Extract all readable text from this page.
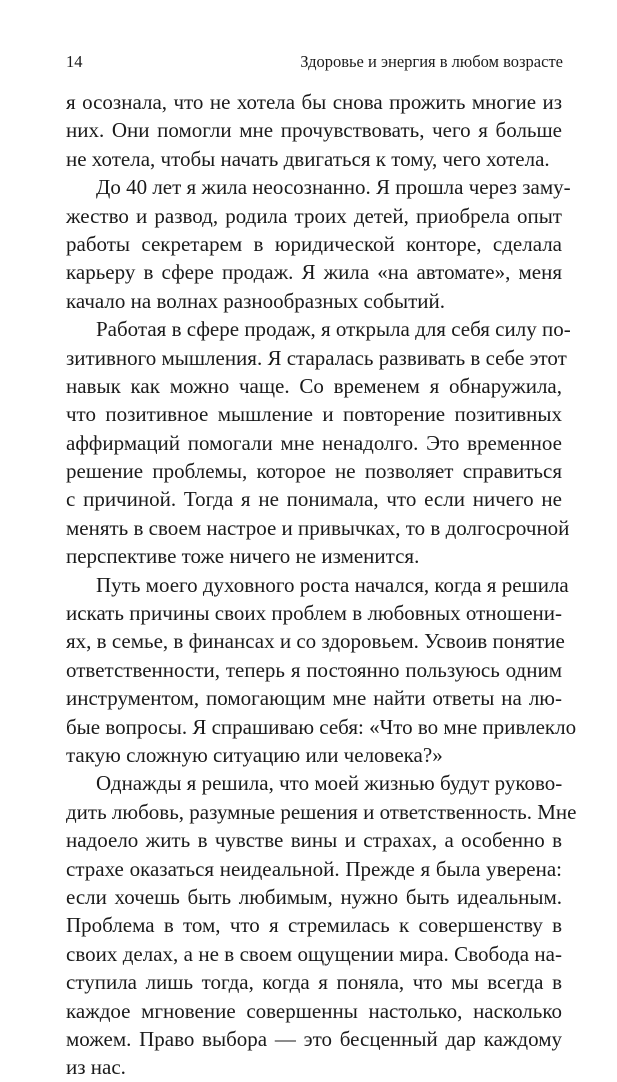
14	Здоровье и энергия в любом возрасте
я осознала, что не хотела бы снова прожить многие из
них. Они помогли мне прочувствовать, чего я больше
не хотела, чтобы начать двигаться к тому, чего хотела.
До 40 лет я жила неосознанно. Я прошла через заму-
жество и развод, родила троих детей, приобрела опыт
работы секретарем в юридической конторе, сделала
карьеру в сфере продаж. Я жила «на автомате», меня
качало на волнах разнообразных событий.
Работая в сфере продаж, я открыла для себя силу по-
зитивного мышления. Я старалась развивать в себе этот
навык как можно чаще. Со временем я обнаружила,
что позитивное мышление и повторение позитивных
аффирмаций помогали мне ненадолго. Это временное
решение проблемы, которое не позволяет справиться
с причиной. Тогда я не понимала, что если ничего не
менять в своем настрое и привычках, то в долгосрочной
перспективе тоже ничего не изменится.
Путь моего духовного роста начался, когда я решила
искать причины своих проблем в любовных отношени-
ях, в семье, в финансах и со здоровьем. Усвоив понятие
ответственности, теперь я постоянно пользуюсь одним
инструментом, помогающим мне найти ответы на лю-
бые вопросы. Я спрашиваю себя: «Что во мне привлекло
такую сложную ситуацию или человека?»
Однажды я решила, что моей жизнью будут руково-
дить любовь, разумные решения и ответственность. Мне
надоело жить в чувстве вины и страхах, а особенно в
страхе оказаться неидеальной. Прежде я была уверена:
если хочешь быть любимым, нужно быть идеальным.
Проблема в том, что я стремилась к совершенству в
своих делах, а не в своем ощущении мира. Свобода на-
ступила лишь тогда, когда я поняла, что мы всегда в
каждое мгновение совершенны настолько, насколько
можем. Право выбора — это бесценный дар каждому
из нас.
